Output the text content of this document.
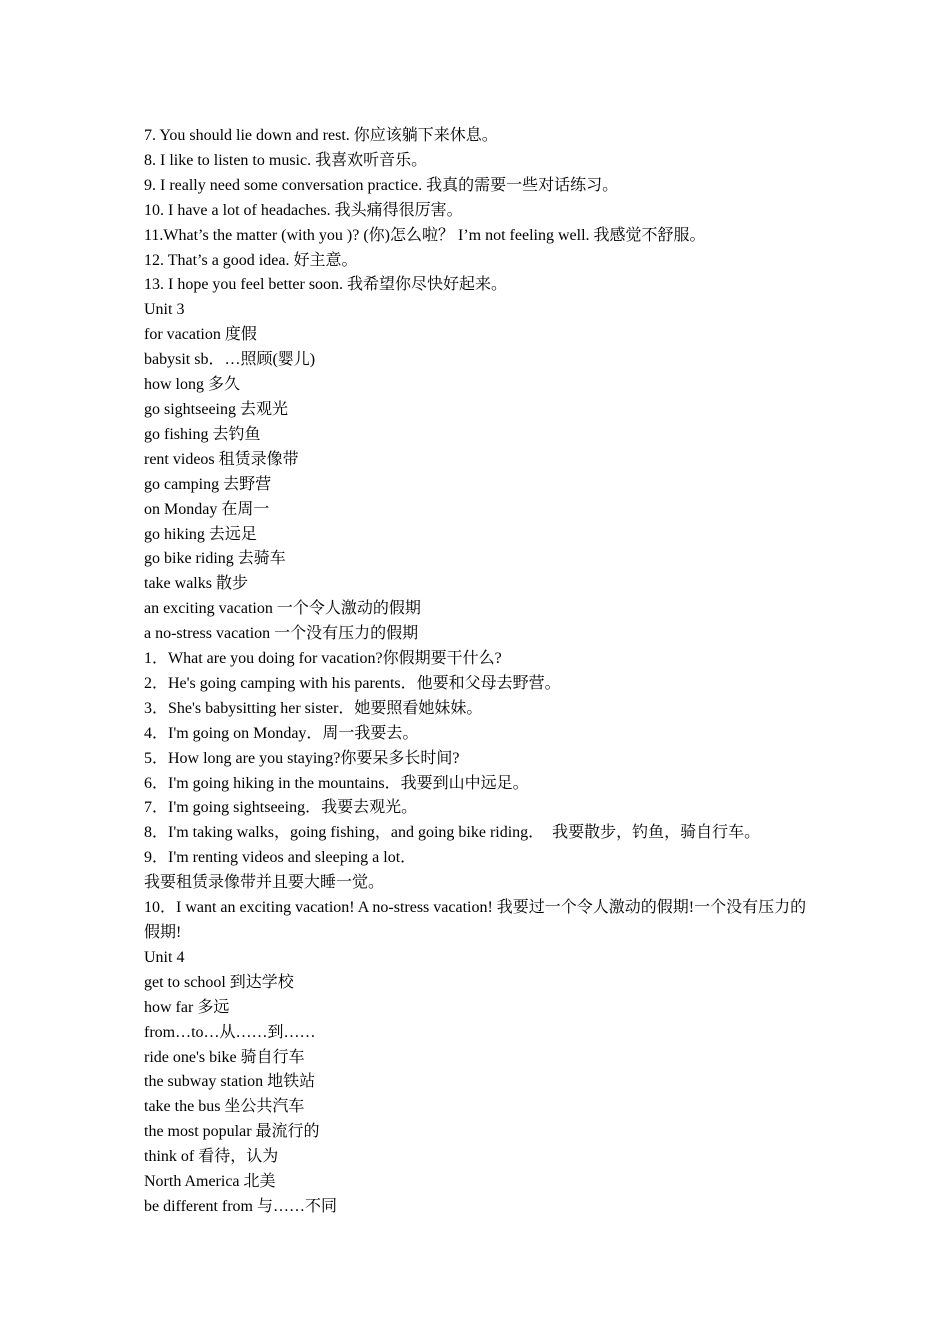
7. You should lie down and rest. 你应该躺下来休息。
8. I like to listen to music. 我喜欢听音乐。
9. I really need some conversation practice. 我真的需要一些对话练习。
10. I have a lot of headaches. 我头痛得很厉害。
11.What’s the matter (with you )? (你)怎么啦？ I’m not feeling well. 我感觉不舒服。
12. That’s a good idea. 好主意。
13. I hope you feel better soon. 我希望你尽快好起来。
Unit 3
for vacation 度假
babysit sb．…照顾(婴儿)
how long 多久
go sightseeing 去观光
go fishing 去钓鱼
rent videos 租赁录像带
go camping 去野营
on Monday 在周一
go hiking 去远足
go bike riding 去骑车
take walks 散步
an exciting vacation 一个令人激动的假期
a no-stress vacation 一个没有压力的假期
1．What are you doing for vacation?你假期要干什么?
2．He's going camping with his parents．他要和父母去野营。
3．She's babysitting her sister．她要照看她妹妹。
4．I'm going on Monday．周一我要去。
5．How long are you staying?你要呆多长时间?
6．I'm going hiking in the mountains．我要到山中远足。
7．I'm going sightseeing．我要去观光。
8．I'm taking walks，going fishing，and going bike riding．  我要散步，钓鱼，骑自行车。
9．I'm renting videos and sleeping a lot．
我要租赁录像带并且要大睡一觉。
10．I want an exciting vacation! A no-stress vacation! 我要过一个令人激动的假期!一个没有压力的假期!
Unit 4
get to school 到达学校
how far 多远
from…to…从……到……
ride one's bike 骑自行车
the subway station 地铁站
take the bus 坐公共汽车
the most popular 最流行的
think of 看待，认为
North America 北美
be different from 与……不同
